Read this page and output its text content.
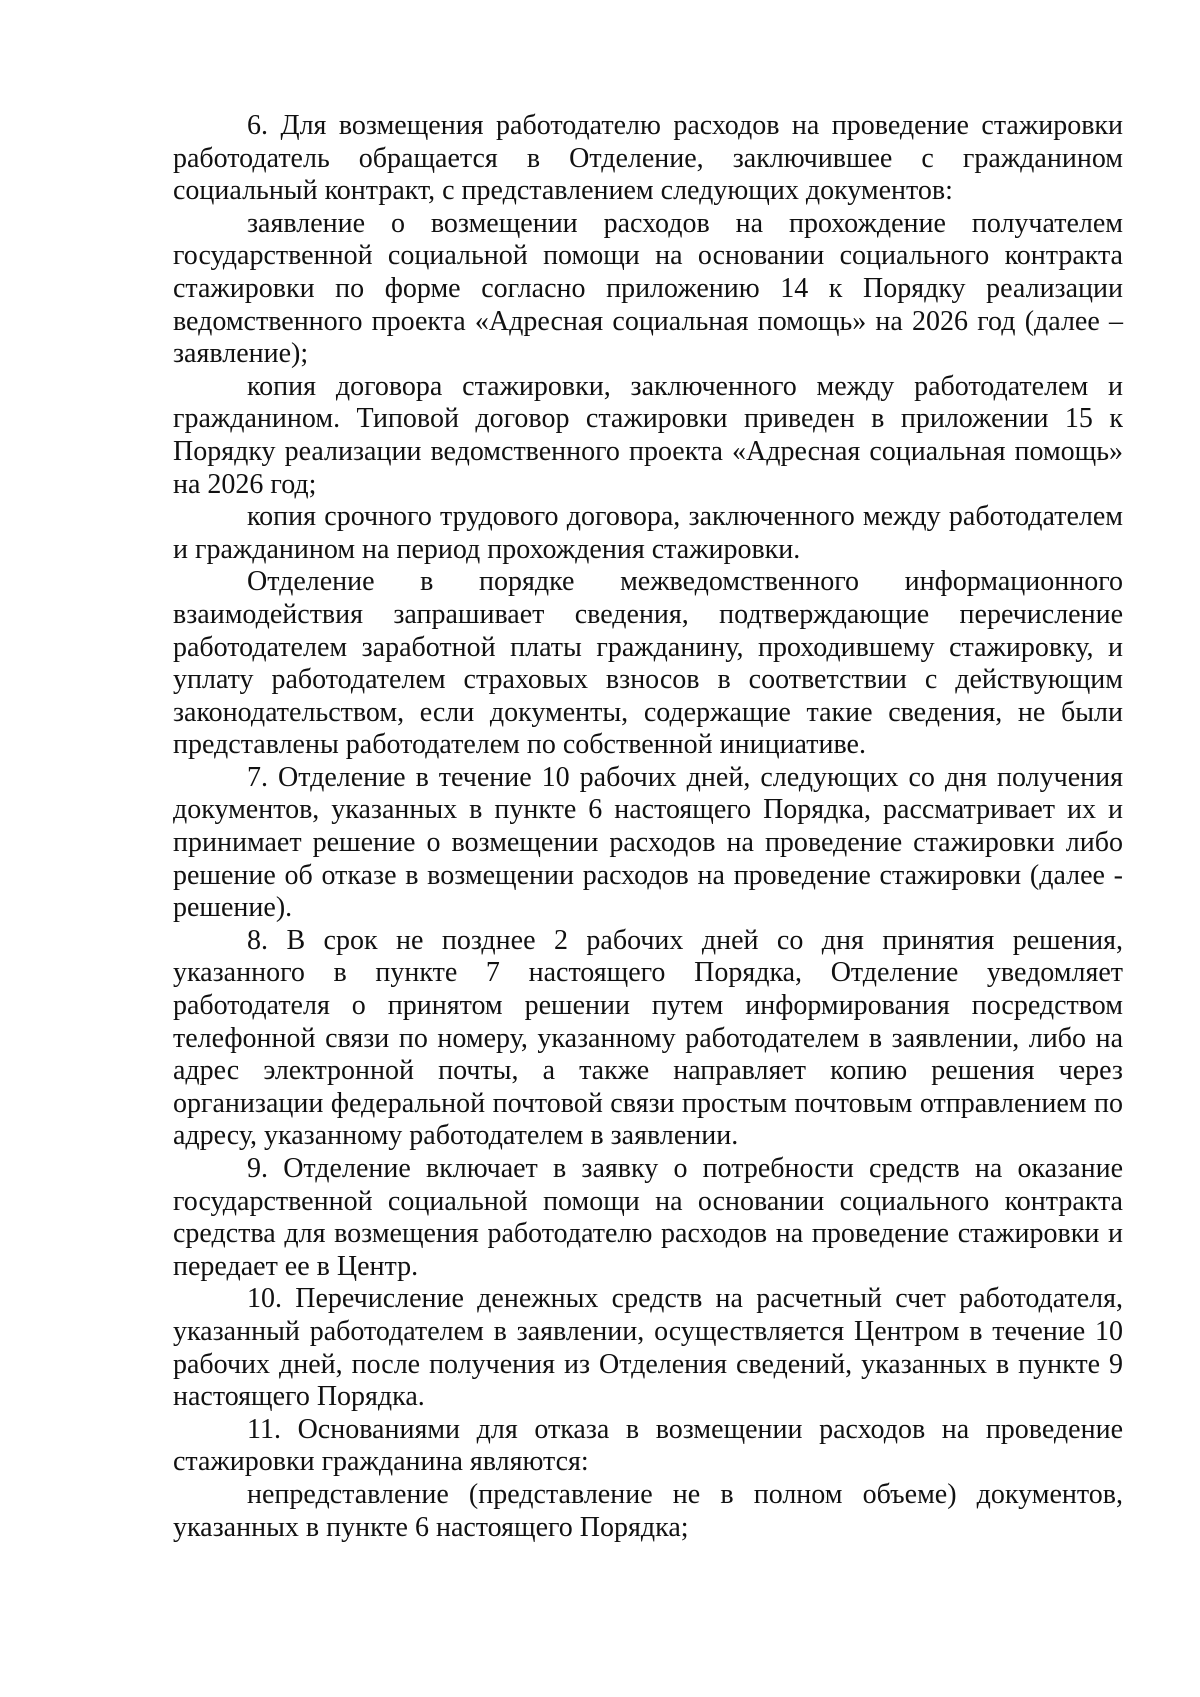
6. Для возмещения работодателю расходов на проведение стажировки работодатель обращается в Отделение, заключившее с гражданином социальный контракт, с представлением следующих документов:

заявление о возмещении расходов на прохождение получателем государственной социальной помощи на основании социального контракта стажировки по форме согласно приложению 14 к Порядку реализации ведомственного проекта «Адресная социальная помощь» на 2026 год (далее – заявление);

копия договора стажировки, заключенного между работодателем и гражданином. Типовой договор стажировки приведен в приложении 15 к Порядку реализации ведомственного проекта «Адресная социальная помощь» на 2026 год;

копия срочного трудового договора, заключенного между работодателем и гражданином на период прохождения стажировки.

Отделение в порядке межведомственного информационного взаимодействия запрашивает сведения, подтверждающие перечисление работодателем заработной платы гражданину, проходившему стажировку, и уплату работодателем страховых взносов в соответствии с действующим законодательством, если документы, содержащие такие сведения, не были представлены работодателем по собственной инициативе.

7. Отделение в течение 10 рабочих дней, следующих со дня получения документов, указанных в пункте 6 настоящего Порядка, рассматривает их и принимает решение о возмещении расходов на проведение стажировки либо решение об отказе в возмещении расходов на проведение стажировки (далее - решение).

8. В срок не позднее 2 рабочих дней со дня принятия решения, указанного в пункте 7 настоящего Порядка, Отделение уведомляет работодателя о принятом решении путем информирования посредством телефонной связи по номеру, указанному работодателем в заявлении, либо на адрес электронной почты, а также направляет копию решения через организации федеральной почтовой связи простым почтовым отправлением по адресу, указанному работодателем в заявлении.

9. Отделение включает в заявку о потребности средств на оказание государственной социальной помощи на основании социального контракта средства для возмещения работодателю расходов на проведение стажировки и передает ее в Центр.

10. Перечисление денежных средств на расчетный счет работодателя, указанный работодателем в заявлении, осуществляется Центром в течение 10 рабочих дней, после получения из Отделения сведений, указанных в пункте 9 настоящего Порядка.

11. Основаниями для отказа в возмещении расходов на проведение стажировки гражданина являются:

непредставление (представление не в полном объеме) документов, указанных в пункте 6 настоящего Порядка;
